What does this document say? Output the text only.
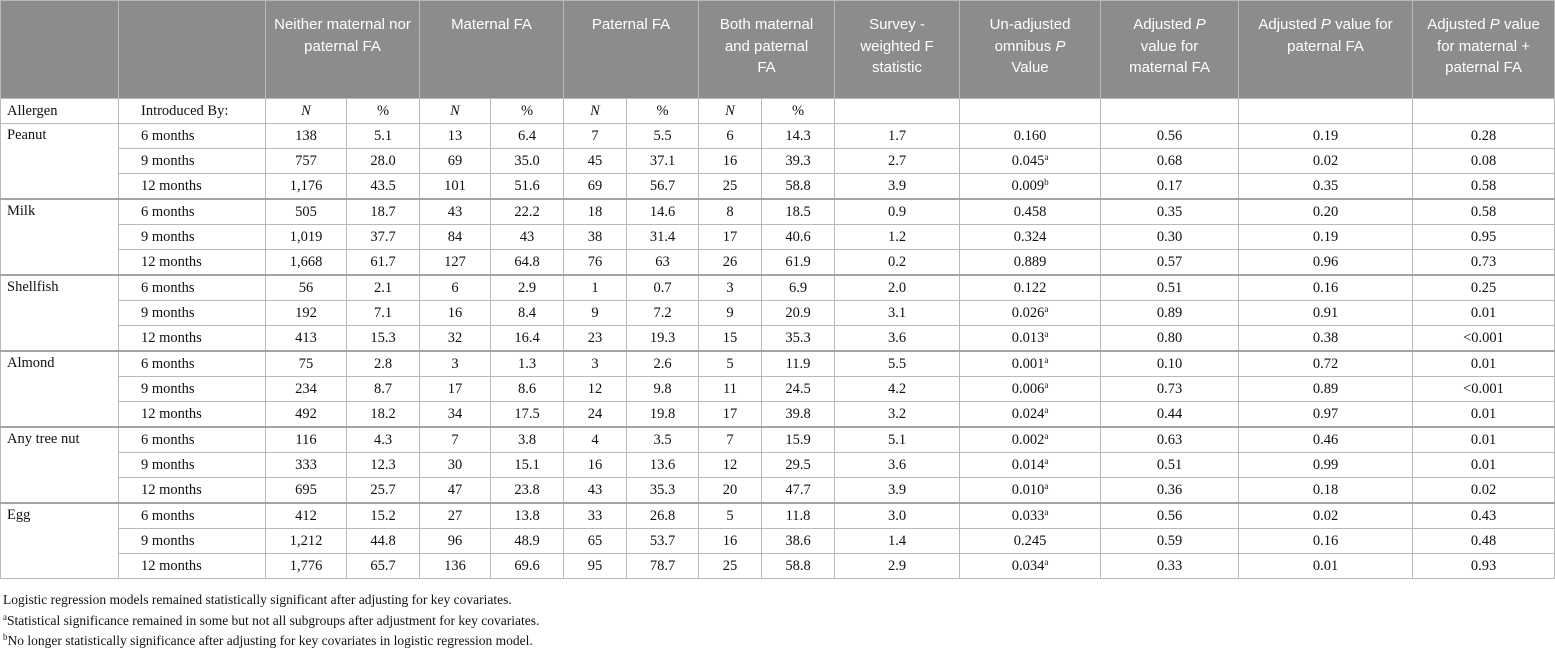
		Neither maternal nor paternal FA		Maternal FA		Paternal FA		Both maternal and paternal FA		Survey -weighted F statistic	Un-adjusted omnibus P Value	Adjusted P value for maternal FA	Adjusted P value for paternal FA	Adjusted P value for maternal + paternal FA
Allergen	Introduced By:	N	%	N	%	N	%	N	%					
Peanut	6 months	138	5.1	13	6.4	7	5.5	6	14.3	1.7	0.160	0.56	0.19	0.28
	9 months	757	28.0	69	35.0	45	37.1	16	39.3	2.7	0.045$^a$	0.68	0.02	0.08
	12 months	1,176	43.5	101	51.6	69	56.7	25	58.8	3.9	0.009$^b$	0.17	0.35	0.58
Milk	6 months	505	18.7	43	22.2	18	14.6	8	18.5	0.9	0.458	0.35	0.20	0.58
	9 months	1,019	37.7	84	43	38	31.4	17	40.6	1.2	0.324	0.30	0.19	0.95
	12 months	1,668	61.7	127	64.8	76	63	26	61.9	0.2	0.889	0.57	0.96	0.73
Shellfish	6 months	56	2.1	6	2.9	1	0.7	3	6.9	2.0	0.122	0.51	0.16	0.25
	9 months	192	7.1	16	8.4	9	7.2	9	20.9	3.1	0.026$^a$	0.89	0.91	0.01
	12 months	413	15.3	32	16.4	23	19.3	15	35.3	3.6	0.013$^a$	0.80	0.38	<0.001
Almond	6 months	75	2.8	3	1.3	3	2.6	5	11.9	5.5	0.001$^a$	0.10	0.72	0.01
	9 months	234	8.7	17	8.6	12	9.8	11	24.5	4.2	0.006$^a$	0.73	0.89	<0.001
	12 months	492	18.2	34	17.5	24	19.8	17	39.8	3.2	0.024$^a$	0.44	0.97	0.01
Any tree nut	6 months	116	4.3	7	3.8	4	3.5	7	15.9	5.1	0.002$^a$	0.63	0.46	0.01
	9 months	333	12.3	30	15.1	16	13.6	12	29.5	3.6	0.014$^a$	0.51	0.99	0.01
	12 months	695	25.7	47	23.8	43	35.3	20	47.7	3.9	0.010$^a$	0.36	0.18	0.02
Egg	6 months	412	15.2	27	13.8	33	26.8	5	11.8	3.0	0.033$^a$	0.56	0.02	0.43
	9 months	1,212	44.8	96	48.9	65	53.7	16	38.6	1.4	0.245	0.59	0.16	0.48
	12 months	1,776	65.7	136	69.6	95	78.7	25	58.8	2.9	0.034$^a$	0.33	0.01	0.93
Logistic regression models remained statistically significant after adjusting for key covariates.
$^a$Statistical significance remained in some but not all subgroups after adjustment for key covariates.
$^b$No longer statistically significance after adjusting for key covariates in logistic regression model.
